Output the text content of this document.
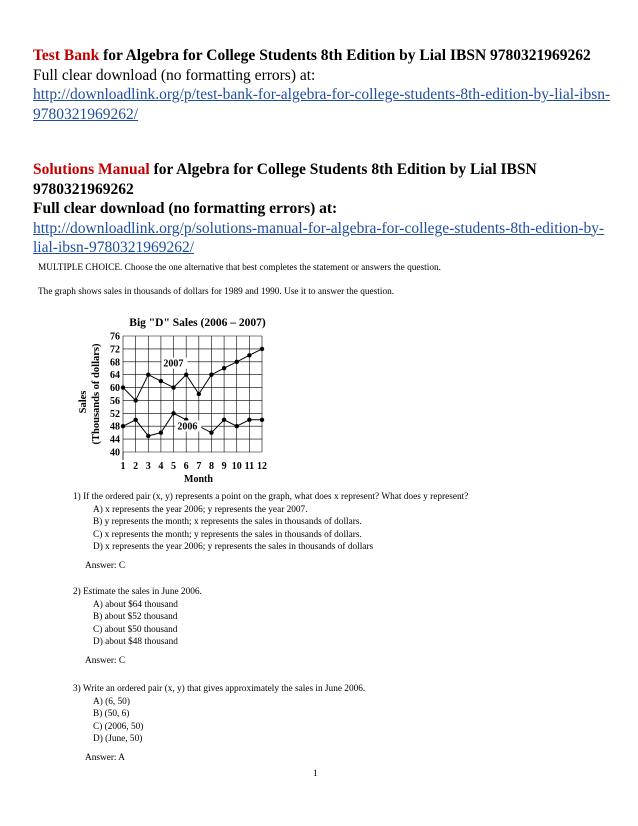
Test Bank for Algebra for College Students 8th Edition by Lial IBSN 9780321969262
Full clear download (no formatting errors) at:
http://downloadlink.org/p/test-bank-for-algebra-for-college-students-8th-edition-by-lial-ibsn-9780321969262/
Solutions Manual for Algebra for College Students 8th Edition by Lial IBSN 9780321969262
Full clear download (no formatting errors) at:
http://downloadlink.org/p/solutions-manual-for-algebra-for-college-students-8th-edition-by-lial-ibsn-9780321969262/
MULTIPLE CHOICE. Choose the one alternative that best completes the statement or answers the question.
The graph shows sales in thousands of dollars for 1989 and 1990. Use it to answer the question.
40
44
48
52
56
60
64
68
72
76
1 2 3 4 5 6 7 8 9 10 11 12
Big "D" Sales (2006 – 2007)
Month
Sales (Thousands of dollars)	2007
2006
1) If the ordered pair (x, y) represents a point on the graph, what does x represent? What does y represent?
A) x represents the year 2006; y represents the year 2007.
B) y represents the month; x represents the sales in thousands of dollars.
C) x represents the month; y represents the sales in thousands of dollars.
D) x represents the year 2006; y represents the sales in thousands of dollars
Answer: C
2) Estimate the sales in June 2006.
A) about $64 thousand
B) about $52 thousand
C) about $50 thousand
D) about $48 thousand
Answer: C
3) Write an ordered pair (x, y) that gives approximately the sales in June 2006.
A) (6, 50)
B) (50, 6)
C) (2006, 50)
D) (June, 50)
Answer: A
1
